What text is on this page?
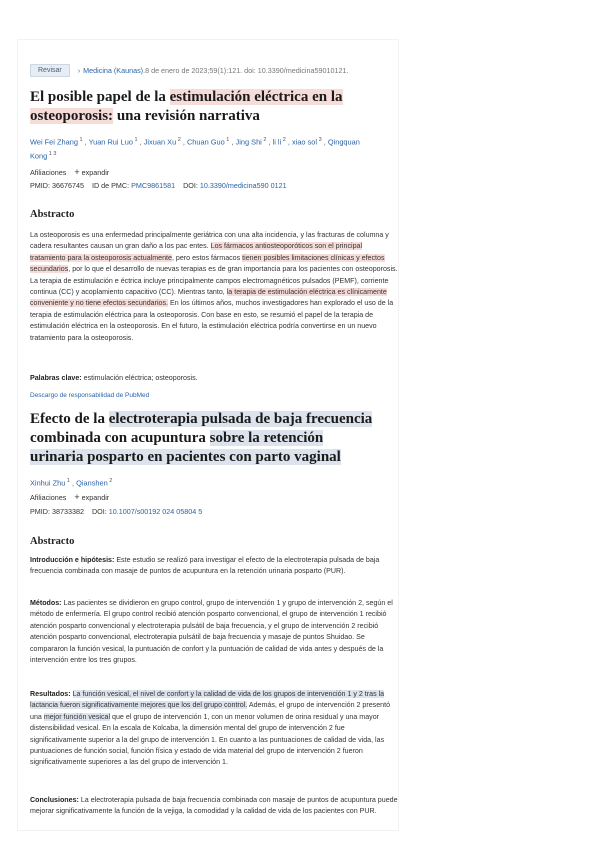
Revisar	› Medicina (Kaunas) .8 de enero de 2023;59(1):121. doi: 10.3390/medicina59010121.
El posible papel de la estimulación eléctrica en la
osteoporosis: una revisión narrativa
Wei Fei Zhang $^1$ , Yuan Rui Luo $^1$ , Jixuan Xu $^2$ , Chuan Guo $^1$ , Jing Shi $^2$ , li li $^2$ , xiao sol $^3$ , Qingquan Kong $^{1 3}$
Afiliaciones + expandir
PMID: 36676745 ID de PMC: PMC9861581 DOI: 10.3390/medicina590 0121
Abstracto
La osteoporosis es una enfermedad principalmente geriátrica con una alta incidencia, y las fracturas de columna y cadera resultantes causan un gran daño a los pac entes. Los fármacos antiosteoporóticos son el principal tratamiento para la osteoporosis actualmente, pero estos fármacos tienen posibles limitaciones clínicas y efectos secundarios, por lo que el desarrollo de nuevas terapias es de gran importancia para los pacientes con osteoporosis. La terapia de estimulación e éctrica incluye principalmente campos electromagnéticos pulsados (PEMF), corriente continua (CC) y acoplamiento capacitivo (CC). Mientras tanto, la terapia de estimulación eléctrica es clínicamente conveniente y no tiene efectos secundarios. En los últimos años, muchos investigadores han explorado el uso de la terapia de estimulación eléctrica para la osteoporosis. Con base en esto, se resumió el papel de la terapia de estimulación eléctrica en la osteoporosis. En el futuro, la estimulación eléctrica podría convertirse en un nuevo tratamiento para la osteoporosis.
Palabras clave: estimulación eléctrica; osteoporosis.
Descargo de responsabilidad de PubMed
Efecto de la electroterapia pulsada de baja frecuencia
combinada con acupuntura sobre la retención
urinaria posparto en pacientes con parto vaginal
Xinhui Zhu $^1$ , Qianshen $^2$
Afiliaciones + expandir
PMID: 38733382 DOI: 10.1007/s00192 024 05804 5
Abstracto
Introducción e hipótesis: Este estudio se realizó para investigar el efecto de la electroterapia pulsada de baja frecuencia combinada con masaje de puntos de acupuntura en la retención urinaria posparto (PUR).
Métodos: Las pacientes se dividieron en grupo control, grupo de intervención 1 y grupo de intervención 2, según el método de enfermería. El grupo control recibió atención posparto convencional, el grupo de intervención 1 recibió atención posparto convencional y electroterapia pulsátil de baja frecuencia, y el grupo de intervención 2 recibió atención posparto convencional, electroterapia pulsátil de baja frecuencia y masaje de puntos Shuidao. Se compararon la función vesical, la puntuación de confort y la puntuación de calidad de vida antes y después de la intervención entre los tres grupos.
Resultados: La función vesical, el nivel de confort y la calidad de vida de los grupos de intervención 1 y 2 tras la lactancia fueron significativamente mejores que los del grupo control. Además, el grupo de intervención 2 presentó una mejor función vesical que el grupo de intervención 1, con un menor volumen de orina residual y una mayor distensibilidad vesical. En la escala de Kolcaba, la dimensión mental del grupo de intervención 2 fue significativamente superior a la del grupo de intervención 1. En cuanto a las puntuaciones de calidad de vida, las puntuaciones de función social, función física y estado de vida material del grupo de intervención 2 fueron significativamente superiores a las del grupo de intervención 1.
Conclusiones: La electroterapia pulsada de baja frecuencia combinada con masaje de puntos de acupuntura puede mejorar significativamente la función de la vejiga, la comodidad y la calidad de vida de los pacientes con PUR.
